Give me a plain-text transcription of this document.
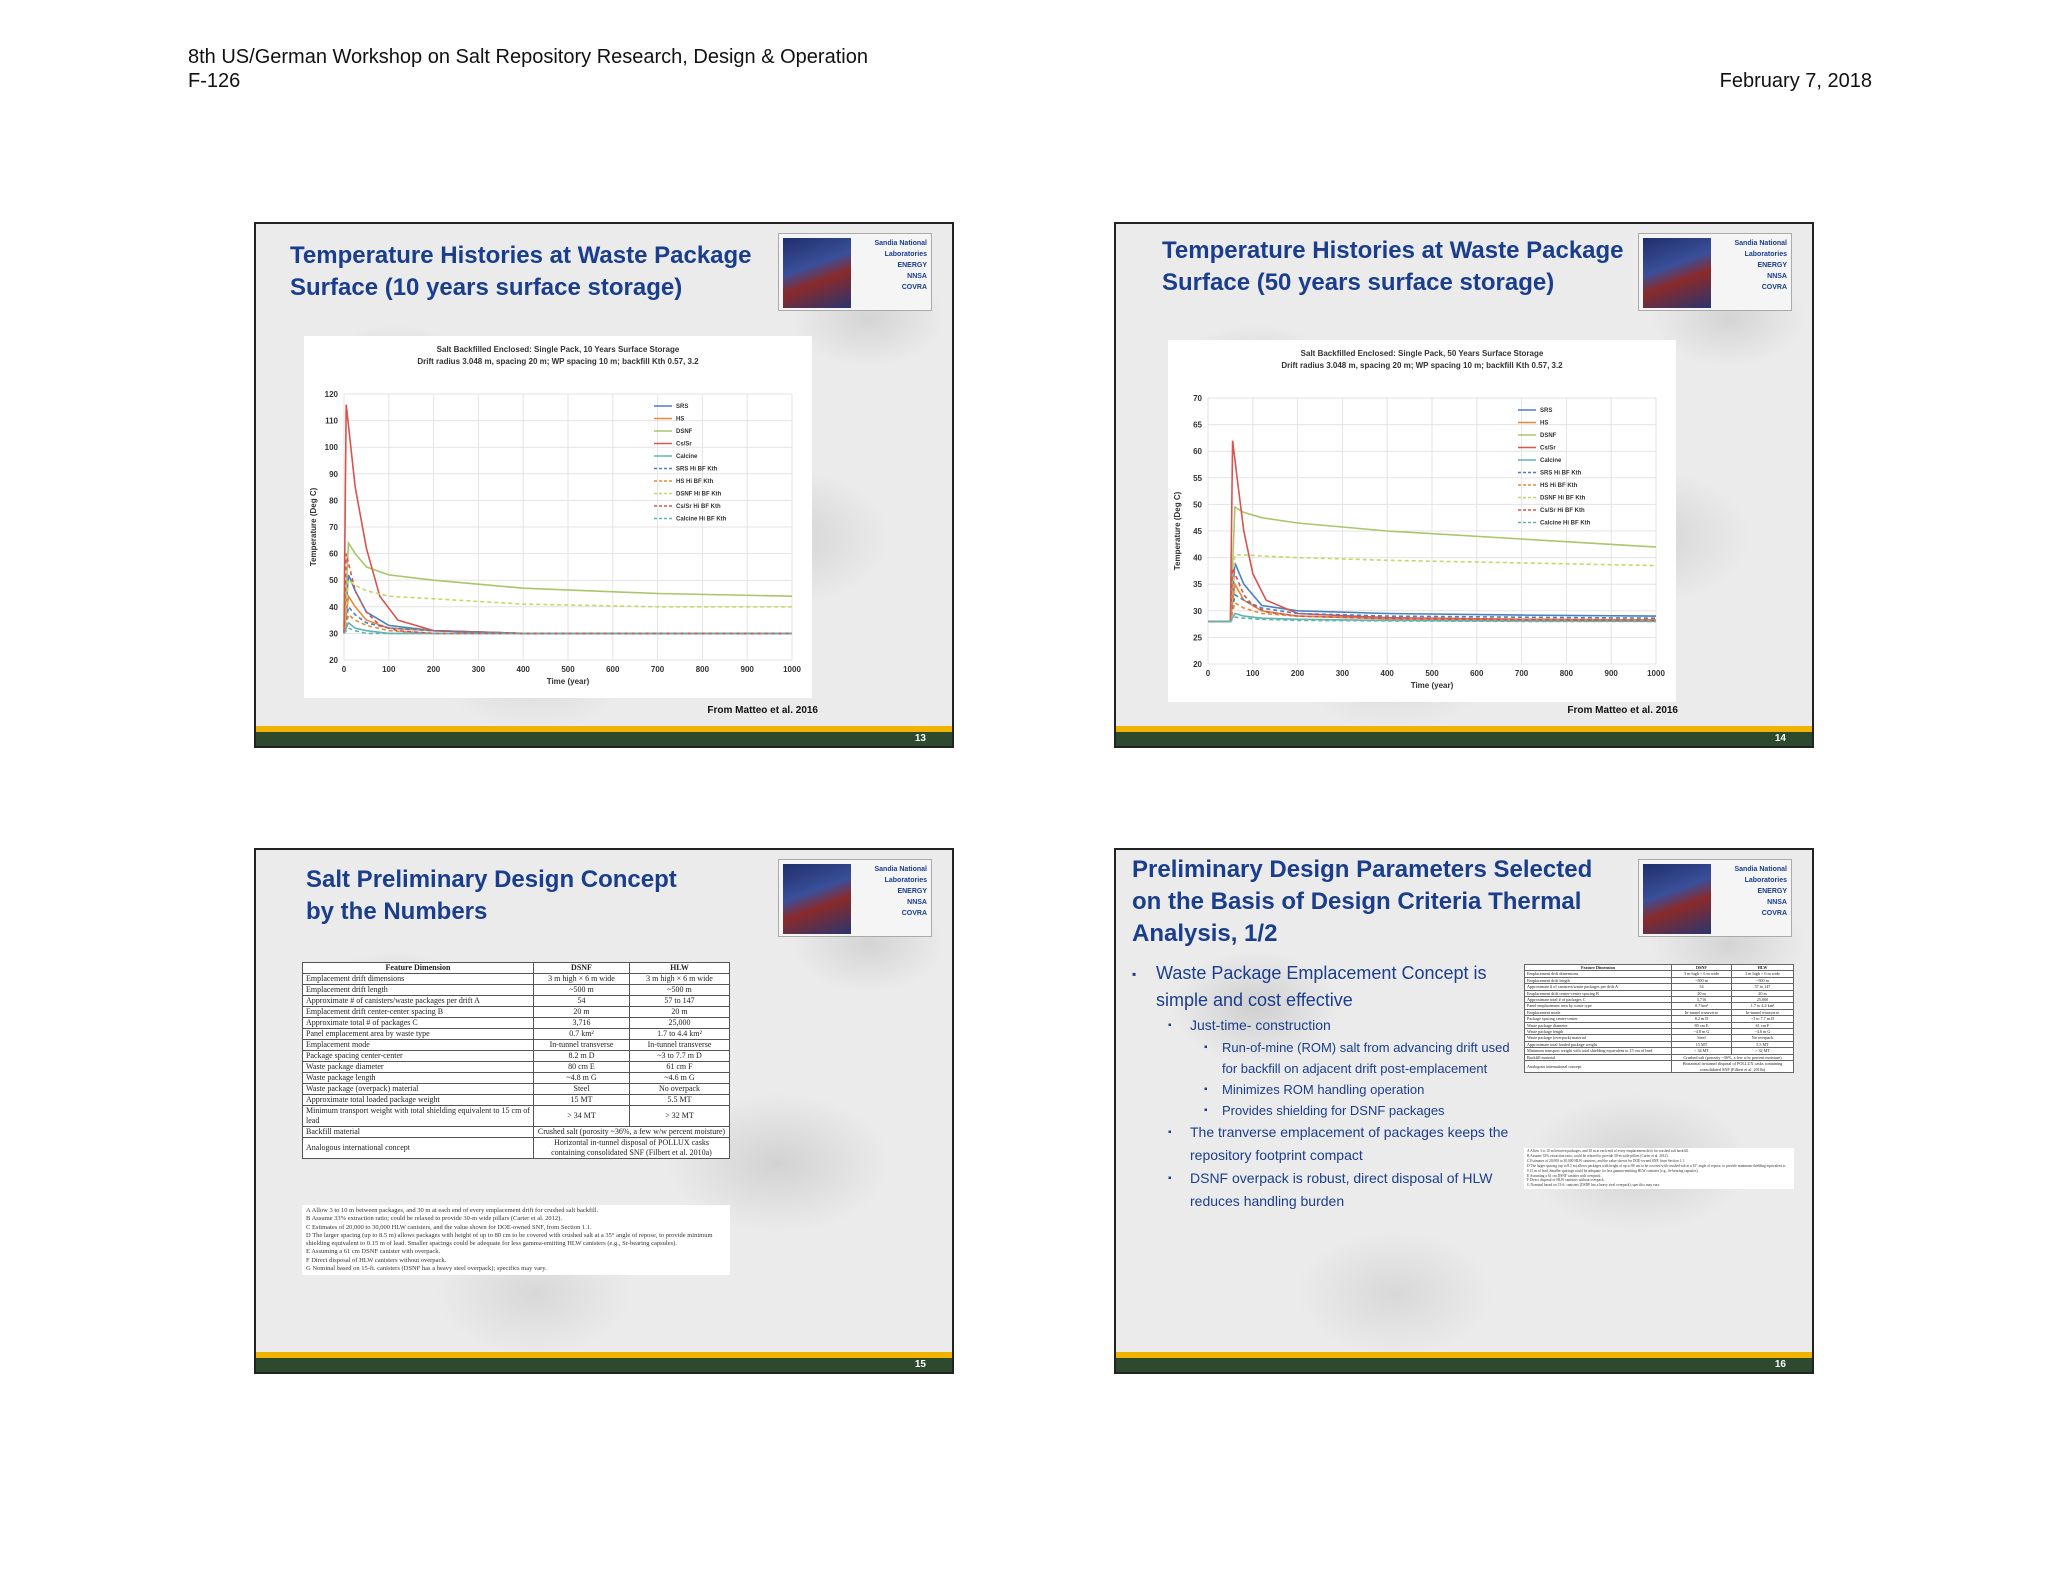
8th US/German Workshop on Salt Repository Research, Design & Operation
F-126	February 7, 2018
Temperature Histories at Waste Package
Surface (10 years surface storage)
Sandia National Laboratories
ENERGY
NNSA
COVRA
Salt Backfilled Enclosed: Single Pack, 10 Years Surface Storage
Drift radius 3.048 m, spacing 20 m; WP spacing 10 m; backfill Kth 0.57, 3.2
0	100	200	300	400	500	600	700	800	900	1000
20
30
40
50
60
70
80
90
100
110
120
Time (year)
Temperature (Deg C)
SRS
HS
DSNF
Cs/Sr
Calcine
SRS Hi BF Kth
HS Hi BF Kth
DSNF Hi BF Kth
Cs/Sr Hi BF Kth
Calcine Hi BF Kth
From Matteo et al. 2016
13
Temperature Histories at Waste Package
Surface (50 years surface storage)
Sandia National Laboratories
ENERGY
NNSA
COVRA
Salt Backfilled Enclosed: Single Pack, 50 Years Surface Storage
Drift radius 3.048 m, spacing 20 m; WP spacing 10 m; backfill Kth 0.57, 3.2
0	100	200	300	400	500	600	700	800	900	1000
20
25
30
35
40
45
50
55
60
65
70
Time (year)
Temperature (Deg C)
SRS
HS
DSNF
Cs/Sr
Calcine
SRS Hi BF Kth
HS Hi BF Kth
DSNF Hi BF Kth
Cs/Sr Hi BF Kth
Calcine Hi BF Kth
From Matteo et al. 2016
14
Salt Preliminary Design Concept
by the Numbers
Sandia National Laboratories
ENERGY
NNSA
COVRA
Feature Dimension	DSNF	HLW
Emplacement drift dimensions	3 m high × 6 m wide	3 m high × 6 m wide
Emplacement drift length	~500 m	~500 m
Approximate # of canisters/waste packages per drift A	54	57 to 147
Emplacement drift center-center spacing B	20 m	20 m
Approximate total # of packages C	3,716	25,000
Panel emplacement area by waste type	0.7 km²	1.7 to 4.4 km²
Emplacement mode	In-tunnel transverse	In-tunnel transverse
Package spacing center-center	8.2 m D	~3 to 7.7 m D
Waste package diameter	80 cm E	61 cm F
Waste package length	~4.8 m G	~4.6 m G
Waste package (overpack) material	Steel	No overpack
Approximate total loaded package weight	15 MT	5.5 MT
Minimum transport weight with total shielding equivalent to 15 cm of lead	> 34 MT	> 32 MT
Backfill material	Crushed salt (porosity ~36%, a few w/w percent moisture)	
Analogous international concept	Horizontal in-tunnel disposal of POLLUX casks containing consolidated SNF (Filbert et al. 2010a)	
A Allow 3 to 10 m between packages, and 30 m at each end of every emplacement drift for crushed salt backfill.
B Assume 33% extraction ratio; could be relaxed to provide 30-m wide pillars (Carter et al. 2012).
C Estimates of 20,000 to 30,000 HLW canisters, and the value shown for DOE-owned SNF, from Section 1.1.
D The larger spacing (up to 8.5 m) allows packages with height of up to 80 cm to be covered with crushed salt at a 35° angle of repose, to provide minimum shielding equivalent to 0.15 m of lead. Smaller spacings could be adequate for less gamma-emitting HLW canisters (e.g., Sr-bearing capsules).
E Assuming a 61 cm DSNF canister with overpack.
F Direct disposal of HLW canisters without overpack.
G Nominal based on 15-ft. canisters (DSNF has a heavy steel overpack); specifics may vary.
15
Preliminary Design Parameters Selected
on the Basis of Design Criteria Thermal
Analysis, 1/2
Sandia National Laboratories
ENERGY
NNSA
COVRA
▪ Waste Package Emplacement Concept is simple and cost effective
▪ Just-time- construction
▪ Run-of-mine (ROM) salt from advancing drift used for backfill on adjacent drift post-emplacement
▪ Minimizes ROM handling operation
▪ Provides shielding for DSNF packages
▪ The tranverse emplacement of packages keeps the repository footprint compact
▪ DSNF overpack is robust, direct disposal of HLW reduces handling burden
Feature Dimension	DSNF	HLW
Emplacement drift dimensions	3 m high × 6 m wide	3 m high × 6 m wide
Emplacement drift length	~500 m	~500 m
Approximate # of canisters/waste packages per drift A	54	57 to 147
Emplacement drift center-center spacing B	20 m	20 m
Approximate total # of packages C	3,716	25,000
Panel emplacement area by waste type	0.7 km²	1.7 to 4.4 km²
Emplacement mode	In-tunnel transverse	In-tunnel transverse
Package spacing center-center	8.2 m D	~3 to 7.7 m D
Waste package diameter	80 cm E	61 cm F
Waste package length	~4.8 m G	~4.6 m G
Waste package (overpack) material	Steel	No overpack
Approximate total loaded package weight	15 MT	5.5 MT
Minimum transport weight with total shielding equivalent to 15 cm of lead	> 34 MT	> 32 MT
Backfill material	Crushed salt (porosity ~36%, a few w/w percent moisture)	
Analogous international concept	Horizontal in-tunnel disposal of POLLUX casks containing consolidated SNF (Filbert et al. 2010a)	
A Allow 3 to 10 m between packages, and 30 m at each end of every emplacement drift for crushed salt backfill.
B Assume 33% extraction ratio; could be relaxed to provide 30-m wide pillars (Carter et al. 2012).
C Estimates of 20,000 to 30,000 HLW canisters, and the value shown for DOE-owned SNF, from Section 1.1.
D The larger spacing (up to 8.5 m) allows packages with height of up to 80 cm to be covered with crushed salt at a 35° angle of repose, to provide minimum shielding equivalent to 0.15 m of lead. Smaller spacings could be adequate for less gamma-emitting HLW canisters (e.g., Sr-bearing capsules).
E Assuming a 61 cm DSNF canister with overpack.
F Direct disposal of HLW canisters without overpack.
G Nominal based on 15-ft. canisters (DSNF has a heavy steel overpack); specifics may vary.
16
